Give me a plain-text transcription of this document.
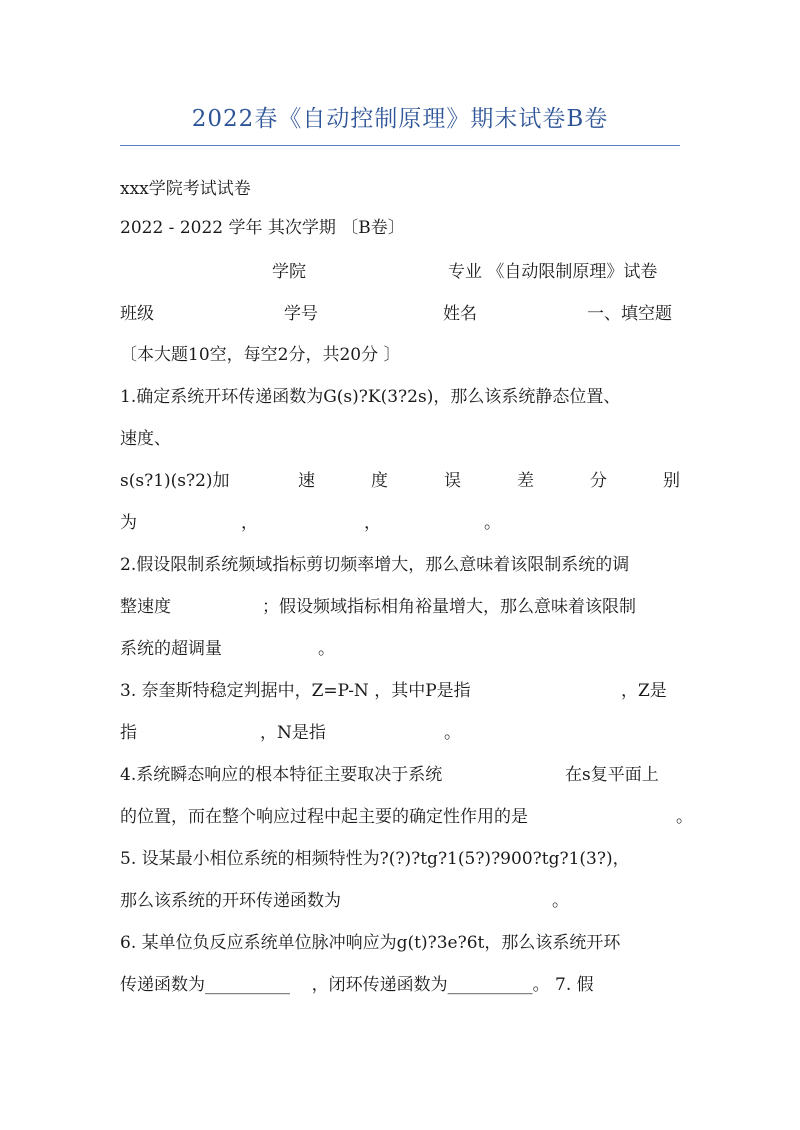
2022春《自动控制原理》期末试卷B卷
xxx学院考试试卷
2022 - 2022 学年 其次学期 〔B卷〕
学院	专业 《自动限制原理》试卷
班级	学号	姓名	一、填空题
〔本大题10空，每空2分，共20分 〕
1.确定系统开环传递函数为G(s)?K(3?2s)，那么该系统静态位置、
速度、
s(s?1)(s?2)加	速	度	误	差	分	别
为	，	，	。
2.假设限制系统频域指标剪切频率增大，那么意味着该限制系统的调
整速度	；假设频域指标相角裕量增大，那么意味着该限制
系统的超调量	。
3. 奈奎斯特稳定判据中，Z=P-N ，其中P是指	，Z是
指	，N是指	。
4.系统瞬态响应的根本特征主要取决于系统	在s复平面上
的位置，而在整个响应过程中起主要的确定性作用的是	。
5. 设某最小相位系统的相频特性为?(?)?tg?1(5?)?900?tg?1(3?)，
那么该系统的开环传递函数为	。
6. 某单位负反应系统单位脉冲响应为g(t)?3e?6t，那么该系统开环
传递函数为__________    ，闭环传递函数为__________。 7. 假
